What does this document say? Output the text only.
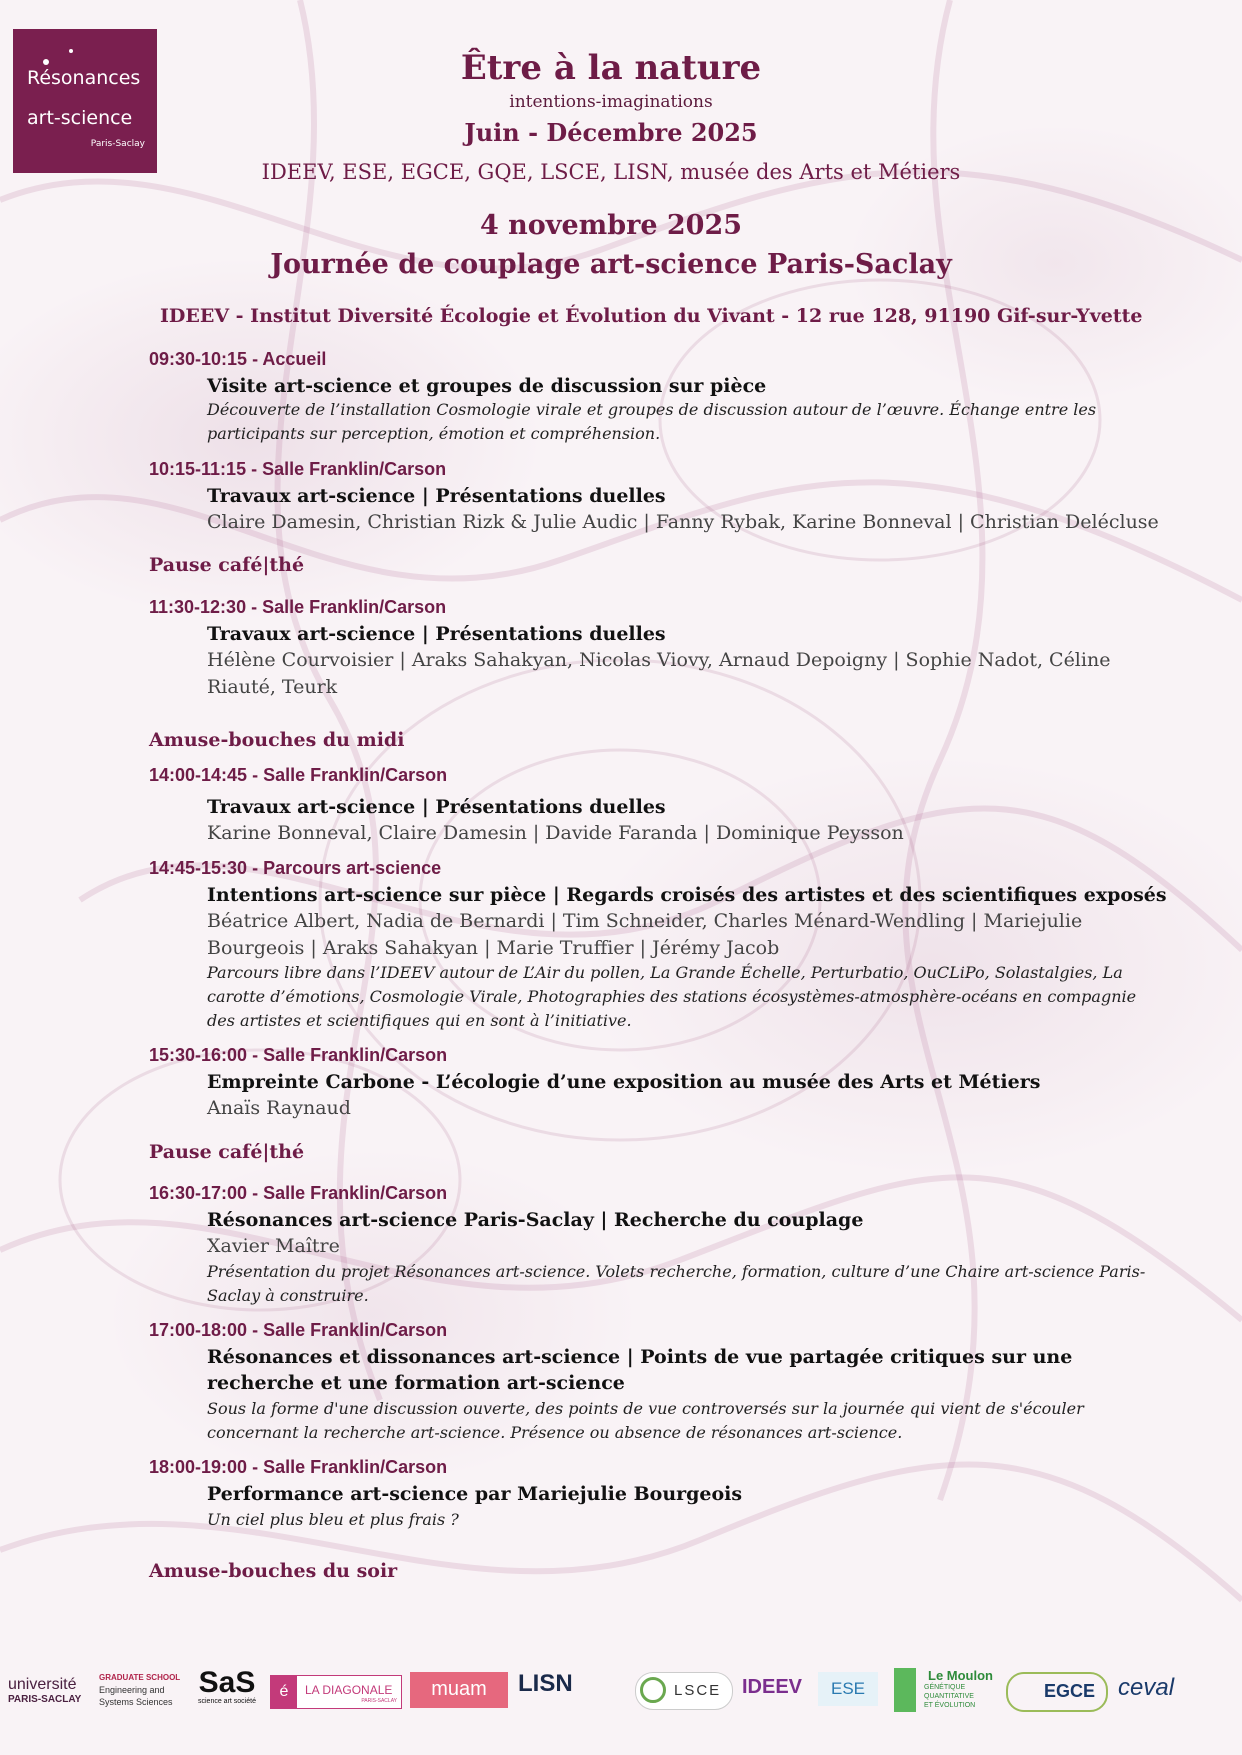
Résonances
art-science
Paris-Saclay
Être à la nature
intentions-imaginations
Juin - Décembre 2025
IDEEV, ESE, EGCE, GQE, LSCE, LISN, musée des Arts et Métiers
4 novembre 2025
Journée de couplage art-science Paris-Saclay
IDEEV - Institut Diversité Écologie et Évolution du Vivant - 12 rue 128, 91190 Gif-sur-Yvette
09:30-10:15 - Accueil
Visite art-science et groupes de discussion sur pièce
Découverte de l’installation Cosmologie virale et groupes de discussion autour de l’œuvre. Échange entre les participants sur perception, émotion et compréhension.
10:15-11:15 - Salle Franklin/Carson
Travaux art-science | Présentations duelles
Claire Damesin, Christian Rizk & Julie Audic | Fanny Rybak, Karine Bonneval | Christian Delécluse
Pause café|thé
11:30-12:30 - Salle Franklin/Carson
Travaux art-science | Présentations duelles
Hélène Courvoisier | Araks Sahakyan, Nicolas Viovy, Arnaud Depoigny | Sophie Nadot, Céline Riauté, Teurk
Amuse-bouches du midi
14:00-14:45 - Salle Franklin/Carson
Travaux art-science | Présentations duelles
Karine Bonneval, Claire Damesin | Davide Faranda | Dominique Peysson
14:45-15:30 - Parcours art-science
Intentions art-science sur pièce | Regards croisés des artistes et des scientifiques exposés
Béatrice Albert, Nadia de Bernardi | Tim Schneider, Charles Ménard-Wendling | Mariejulie Bourgeois | Araks Sahakyan | Marie Truffier | Jérémy Jacob
Parcours libre dans l’IDEEV autour de L’Air du pollen, La Grande Échelle, Perturbatio, OuCLiPo, Solastalgies, La carotte d’émotions, Cosmologie Virale, Photographies des stations écosystèmes-atmosphère-océans en compagnie des artistes et scientifiques qui en sont à l’initiative.
15:30-16:00 - Salle Franklin/Carson
Empreinte Carbone - L’écologie d’une exposition au musée des Arts et Métiers
Anaïs Raynaud
Pause café|thé
16:30-17:00 - Salle Franklin/Carson
Résonances art-science Paris-Saclay | Recherche du couplage
Xavier Maître
Présentation du projet Résonances art-science. Volets recherche, formation, culture d’une Chaire art-science Paris-Saclay à construire.
17:00-18:00 - Salle Franklin/Carson
Résonances et dissonances art-science | Points de vue partagée critiques sur une recherche et une formation art-science
Sous la forme d'une discussion ouverte, des points de vue controversés sur la journée qui vient de s'écouler concernant la recherche art-science. Présence ou absence de résonances art-science.
18:00-19:00 - Salle Franklin/Carson
Performance art-science par Mariejulie Bourgeois
Un ciel plus bleu et plus frais ?
Amuse-bouches du soir
université
PARIS-SACLAY
GRADUATE SCHOOL
Engineering and
Systems Sciences
SaS
science art société
é	LA DIAGONALE
PARIS-SACLAY
muam	LISN	LSCE IDEEV	ESE
Le Moulon
GÉNÉTIQUE
QUANTITATIVE
ET ÉVOLUTION
EGCE ceval
